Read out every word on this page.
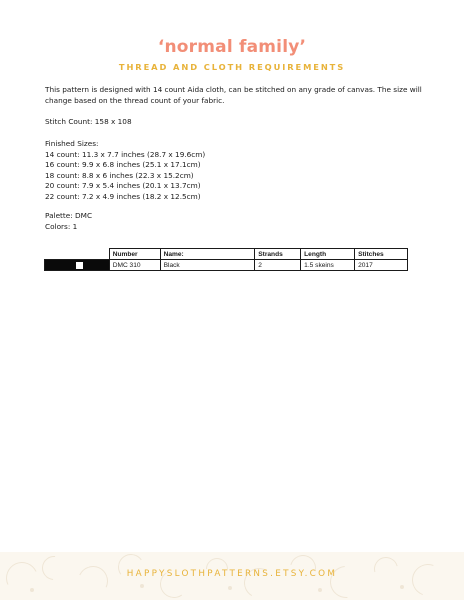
‘normal family’
THREAD AND CLOTH REQUIREMENTS
This pattern is designed with 14 count Aida cloth, can be stitched on any grade of canvas. The size will
change based on the thread count of your fabric.
Stitch Count: 158 x 108
Finished Sizes:
14 count: 11.3 x 7.7 inches (28.7 x 19.6cm)
16 count: 9.9 x 6.8 inches (25.1 x 17.1cm)
18 count: 8.8 x 6 inches (22.3 x 15.2cm)
20 count: 7.9 x 5.4 inches (20.1 x 13.7cm)
22 count: 7.2 x 4.9 inches (18.2 x 12.5cm)
Palette: DMC
Colors: 1
	Number	Name:	Strands	Length	Stitches

	DMC 310	Black	2	1.5 skeins	2017
HAPPYSLOTHPATTERNS.ETSY.COM
